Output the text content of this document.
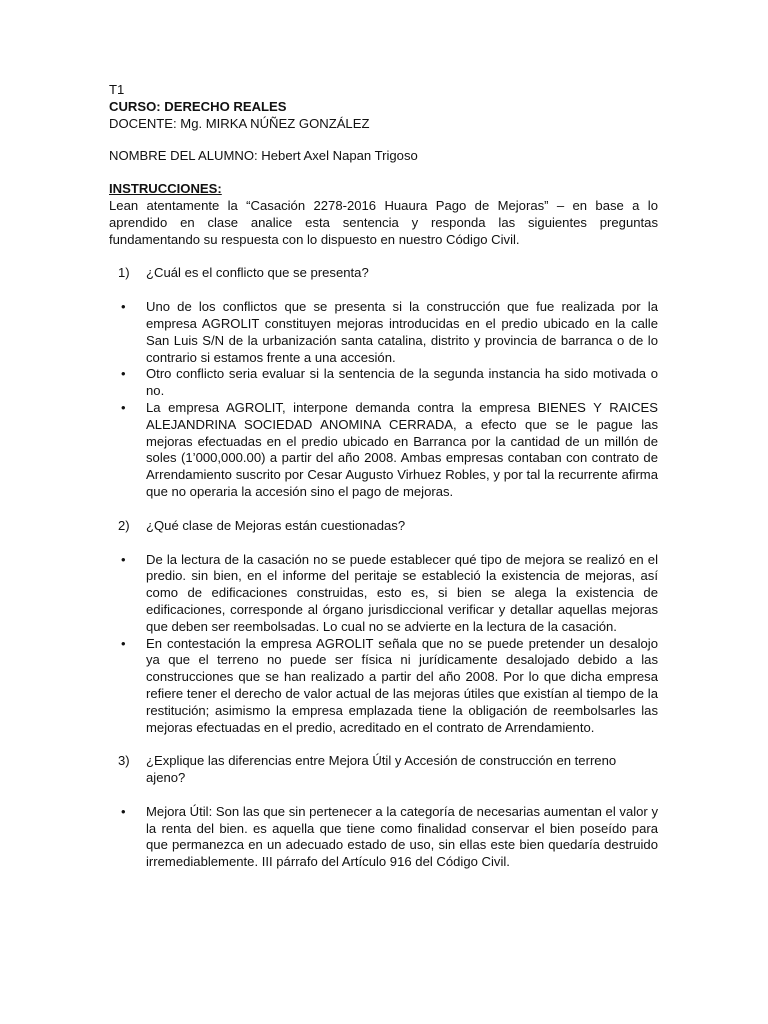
T1

CURSO: DERECHO REALES

DOCENTE: Mg. MIRKA NÚÑEZ GONZÁLEZ

NOMBRE DEL ALUMNO: Hebert Axel Napan Trigoso

INSTRUCCIONES:

Lean atentamente la “Casación 2278-2016 Huaura Pago de Mejoras” – en base a lo aprendido en clase analice esta sentencia y responda las siguientes preguntas fundamentando su respuesta con lo dispuesto en nuestro Código Civil.

1)	¿Cuál es el conflicto que se presenta?
• Uno de los conflictos que se presenta si la construcción que fue realizada por la empresa AGROLIT constituyen mejoras introducidas en el predio ubicado en la calle San Luis S/N de la urbanización santa catalina, distrito y provincia de barranca o de lo contrario si estamos frente a una accesión.
• Otro conflicto seria evaluar si la sentencia de la segunda instancia ha sido motivada o no.
• La empresa AGROLIT, interpone demanda contra la empresa BIENES Y RAICES ALEJANDRINA SOCIEDAD ANOMINA CERRADA, a efecto que se le pague las mejoras efectuadas en el predio ubicado en Barranca por la cantidad de un millón de soles (1’000,000.00) a partir del año 2008. Ambas empresas contaban con contrato de Arrendamiento suscrito por Cesar Augusto Virhuez Robles, y por tal la recurrente afirma que no operaria la accesión sino el pago de mejoras.
2)	¿Qué clase de Mejoras están cuestionadas?
• De la lectura de la casación no se puede establecer qué tipo de mejora se realizó en el predio. sin bien, en el informe del peritaje se estableció la existencia de mejoras, así como de edificaciones construidas, esto es, si bien se alega la existencia de edificaciones, corresponde al órgano jurisdiccional verificar y detallar aquellas mejoras que deben ser reembolsadas. Lo cual no se advierte en la lectura de la casación.
• En contestación la empresa AGROLIT señala que no se puede pretender un desalojo ya que el terreno no puede ser física ni jurídicamente desalojado debido a las construcciones que se han realizado a partir del año 2008. Por lo que dicha empresa refiere tener el derecho de valor actual de las mejoras útiles que existían al tiempo de la restitución; asimismo la empresa emplazada tiene la obligación de reembolsarles las mejoras efectuadas en el predio, acreditado en el contrato de Arrendamiento.
3)	¿Explique las diferencias entre Mejora Útil y Accesión de construcción en terreno ajeno?
• Mejora Útil: Son las que sin pertenecer a la categoría de necesarias aumentan el valor y la renta del bien. es aquella que tiene como finalidad conservar el bien poseído para que permanezca en un adecuado estado de uso, sin ellas este bien quedaría destruido irremediablemente. III párrafo del Artículo 916 del Código Civil.
